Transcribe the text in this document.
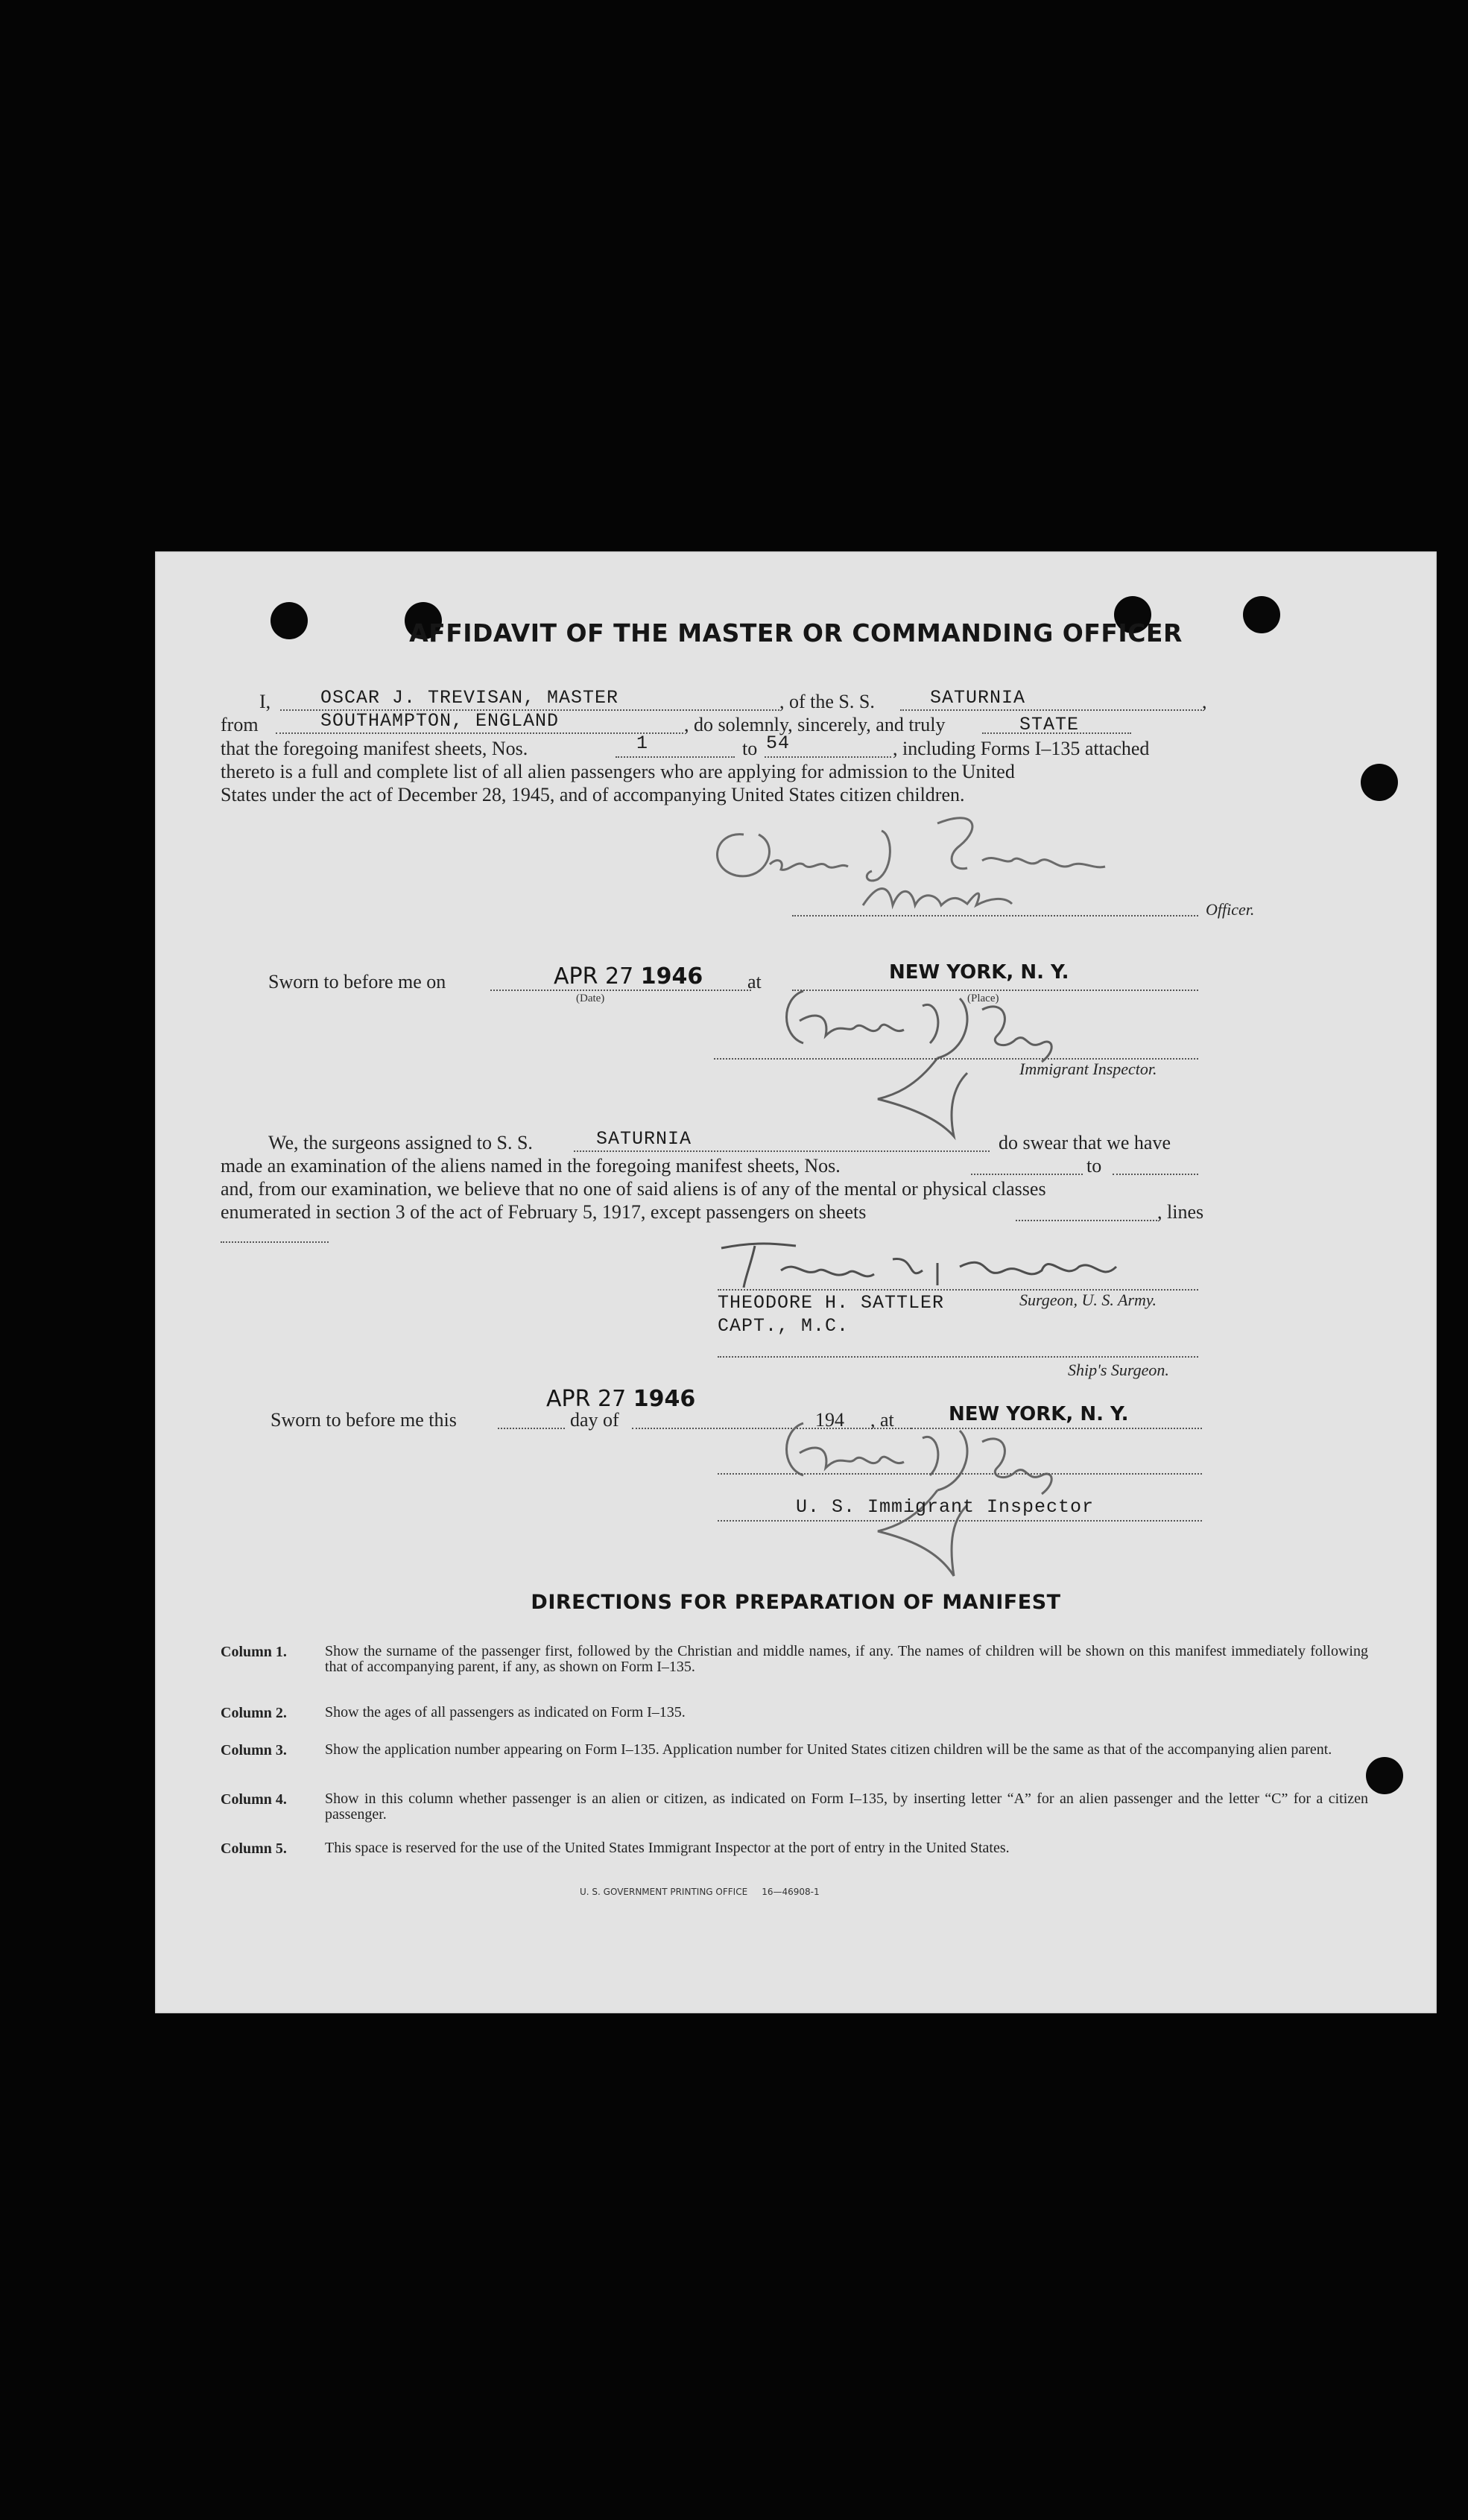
AFFIDAVIT OF THE MASTER OR COMMANDING OFFICER
I,	OSCAR J. TREVISAN, MASTER	, of the S. S.	SATURNIA	,
from	SOUTHAMPTON, ENGLAND	, do solemnly, sincerely, and truly	STATE
that the foregoing manifest sheets, Nos.	1	to 54	, including Forms I–135 attached
thereto is a full and complete list of all alien passengers who are applying for admission to the United
States under the act of December 28, 1945, and of accompanying United States citizen children.
Officer.
Sworn to before me on	APR 27 1946
(Date)
at	NEW YORK, N. Y.
(Place)
Immigrant Inspector.
We, the surgeons assigned to S. S.	SATURNIA	do swear that we have
made an examination of the aliens named in the foregoing manifest sheets, Nos.	to
and, from our examination, we believe that no one of said aliens is of any of the mental or physical classes
enumerated in section 3 of the act of February 5, 1917, except passengers on sheets	, lines
THEODORE H. SATTLER
CAPT., M.C.
Surgeon, U. S. Army.
Ship's Surgeon.
Sworn to before me this
APR 27 1946
day of	194 , at	NEW YORK, N. Y.
U. S. Immigrant Inspector
DIRECTIONS FOR PREPARATION OF MANIFEST
Column 1.	Show the surname of the passenger first, followed by the Christian and middle names, if any. The names of children will be shown on this manifest immediately following that of accompanying parent, if any, as shown on Form I–135.
Column 2.	Show the ages of all passengers as indicated on Form I–135.
Column 3.	Show the application number appearing on Form I–135. Application number for United States citizen children will be the same as that of the accompanying alien parent.
Column 4.	Show in this column whether passenger is an alien or citizen, as indicated on Form I–135, by inserting letter “A” for an alien passenger and the letter “C” for a citizen passenger.
Column 5.	This space is reserved for the use of the United States Immigrant Inspector at the port of entry in the United States.
U. S. GOVERNMENT PRINTING OFFICE     16—46908-1
